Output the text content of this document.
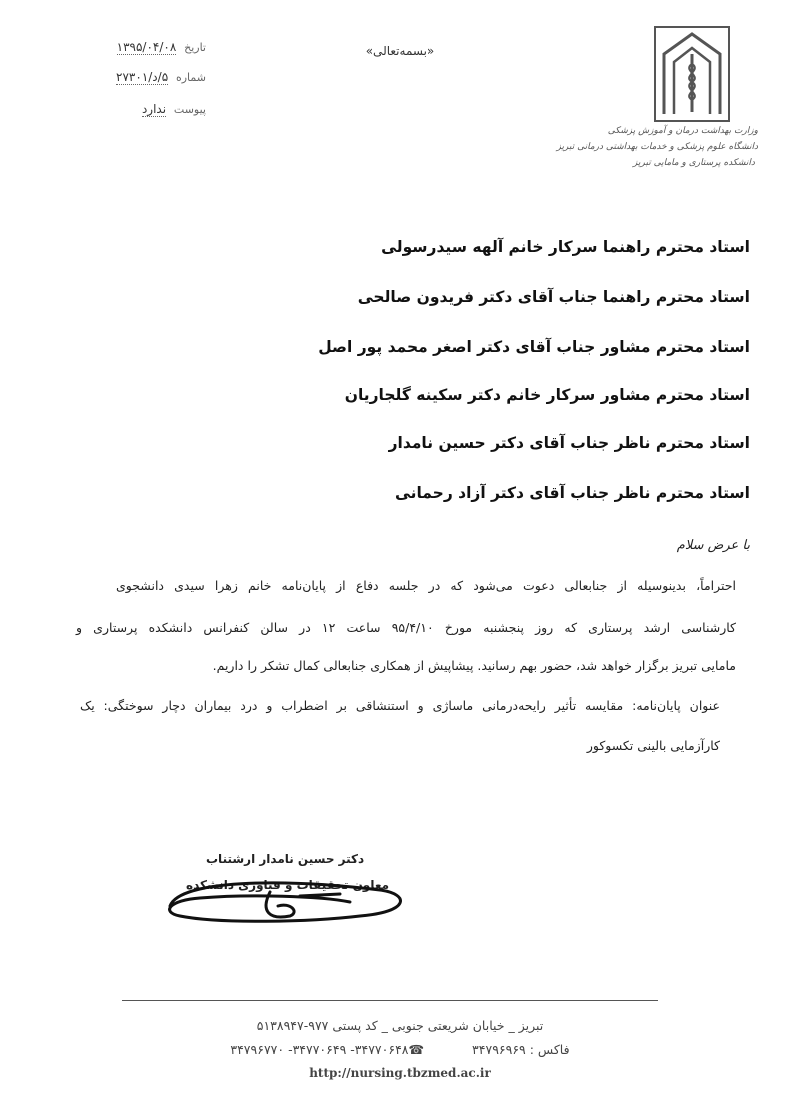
تاریخ ۱۳۹۵/۰۴/۰۸
شماره ۵/د/۲۷۳۰۱
پیوست ندارد
«بسمه‌تعالی»
وزارت بهداشت درمان و آموزش پزشکی
دانشگاه علوم پزشکی و خدمات بهداشتی درمانی تبریز
دانشکده پرستاری و مامایی تبریز
استاد محترم راهنما سرکار خانم آلهه سیدرسولی
استاد محترم راهنما جناب آقای دکتر فریدون صالحی
استاد محترم مشاور جناب آقای دکتر اصغر محمد پور اصل
استاد محترم مشاور سرکار خانم دکتر سکینه گلجاریان
استاد محترم ناظر جناب آقای دکتر حسین نامدار
استاد محترم ناظر جناب آقای دکتر آزاد رحمانی
با عرض سلام
احتراماً، بدینوسیله از جنابعالی دعوت می‌شود که در جلسه دفاع از پایان‌نامه خانم زهرا سیدی دانشجوی
کارشناسی ارشد پرستاری که روز پنجشنبه مورخ ۹۵/۴/۱۰ ساعت ۱۲ در سالن کنفرانس دانشکده پرستاری و
مامایی تبریز برگزار خواهد شد، حضور بهم رسانید. پیشاپیش از همکاری جنابعالی کمال تشکر را داریم.
عنوان پایان‌نامه: مقایسه تأثیر رایحه‌درمانی ماساژی و استنشاقی بر اضطراب و درد بیماران دچار سوختگی: یک
کارآزمایی بالینی تکسوکور
دکتر حسین نامدار ارشتناب
معاون تحقیقات و فناوری دانشکده
تبریز _ خیابان شریعتی جنوبی _ کد پستی ۹۷۷-۵۱۳۸۹۴۷
فاکس : ۳۴۷۹۶۹۶۹  ☎۳۴۷۷۰۶۴۸- ۳۴۷۷۰۶۴۹- ۳۴۷۹۶۷۷۰
http://nursing.tbzmed.ac.ir
